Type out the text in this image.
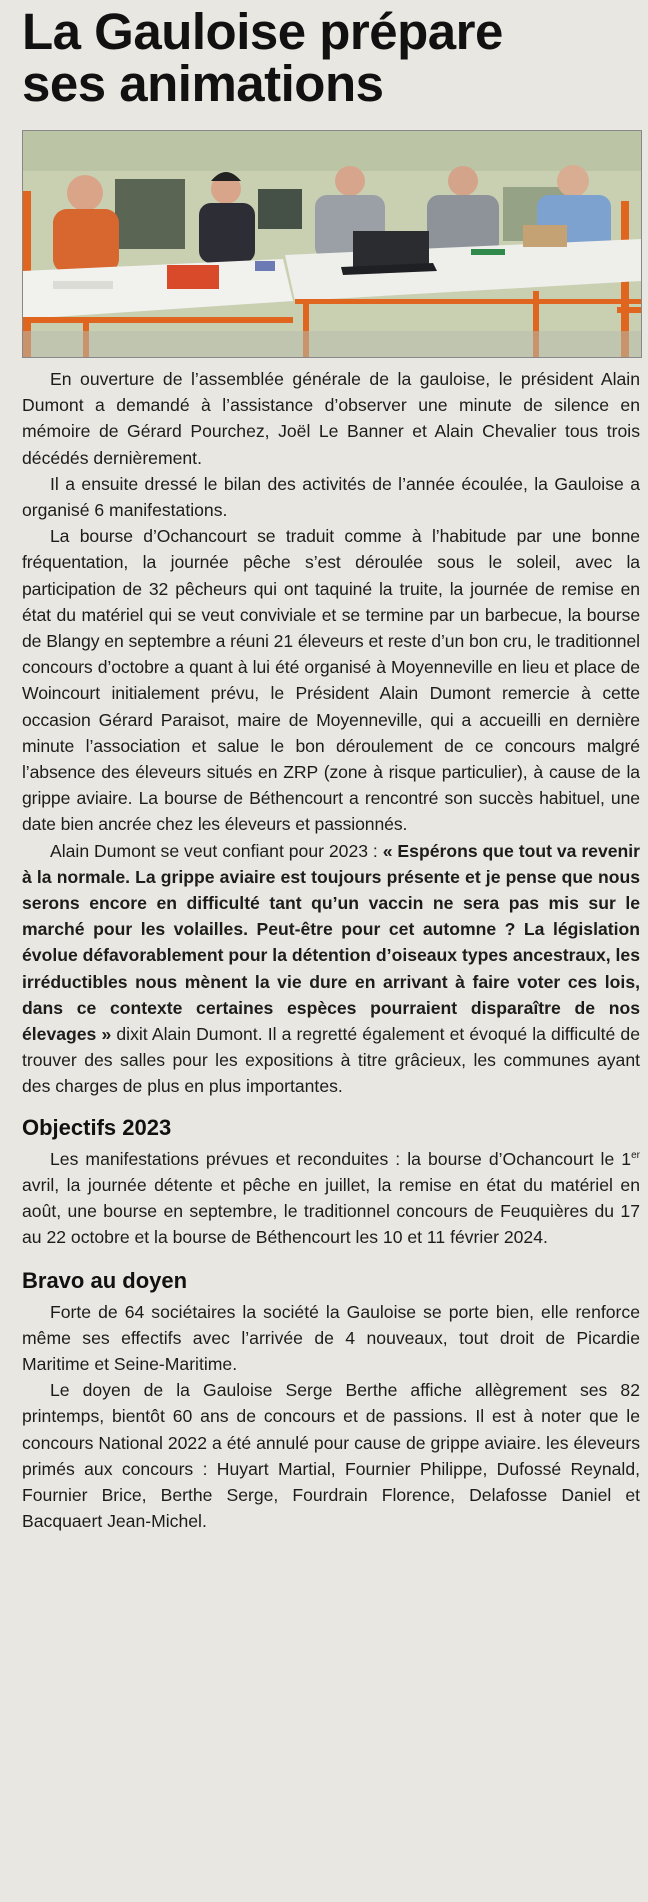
La Gauloise prépare
ses animations

En ouverture de l’assemblée générale de la gauloise, le président Alain Dumont a demandé à l’assistance d’observer une minute de silence en mémoire de Gérard Pourchez, Joël Le Banner et Alain Chevalier tous trois décédés dernièrement.

Il a ensuite dressé le bilan des activités de l’année écoulée, la Gauloise a organisé 6 manifestations.

La bourse d’Ochancourt se traduit comme à l’habitude par une bonne fréquentation, la journée pêche s’est déroulée sous le soleil, avec la participation de 32 pêcheurs qui ont taquiné la truite, la journée de remise en état du matériel qui se veut conviviale et se termine par un barbecue, la bourse de Blangy en septembre a réuni 21 éleveurs et reste d’un bon cru, le traditionnel concours d’octobre a quant à lui été organisé à Moyenneville en lieu et place de Woincourt initialement prévu, le Président Alain Dumont remercie à cette occasion Gérard Paraisot, maire de Moyenneville, qui a accueilli en dernière minute l’association et salue le bon déroulement de ce concours malgré l’absence des éleveurs situés en ZRP (zone à risque particulier), à cause de la grippe aviaire. La bourse de Béthencourt a rencontré son succès habituel, une date bien ancrée chez les éleveurs et passionnés.

Alain Dumont se veut confiant pour 2023 : « Espérons que tout va revenir à la normale. La grippe aviaire est toujours présente et je pense que nous serons encore en difficulté tant qu’un vaccin ne sera pas mis sur le marché pour les volailles. Peut-être pour cet automne ? La législation évolue défavorablement pour la détention d’oiseaux types ancestraux, les irréductibles nous mènent la vie dure en arrivant à faire voter ces lois, dans ce contexte certaines espèces pourraient disparaître de nos élevages » dixit Alain Dumont. Il a regretté également et évoqué la difficulté de trouver des salles pour les expositions à titre grâcieux, les communes ayant des charges de plus en plus importantes.

Objectifs 2023

Les manifestations prévues et reconduites : la bourse d’Ochancourt le 1er avril, la journée détente et pêche en juillet, la remise en état du matériel en août, une bourse en septembre, le traditionnel concours de Feuquières du 17 au 22 octobre et la bourse de Béthencourt les 10 et 11 février 2024.

Bravo au doyen

Forte de 64 sociétaires la société la Gauloise se porte bien, elle renforce même ses effectifs avec l’arrivée de 4 nouveaux, tout droit de Picardie Maritime et Seine-Maritime.

Le doyen de la Gauloise Serge Berthe affiche allègrement ses 82 printemps, bientôt 60 ans de concours et de passions. Il est à noter que le concours National 2022 a été annulé pour cause de grippe aviaire. les éleveurs primés aux concours : Huyart Martial, Fournier Philippe, Dufossé Reynald, Fournier Brice, Berthe Serge, Fourdrain Florence, Delafosse Daniel et Bacquaert Jean-Michel.
